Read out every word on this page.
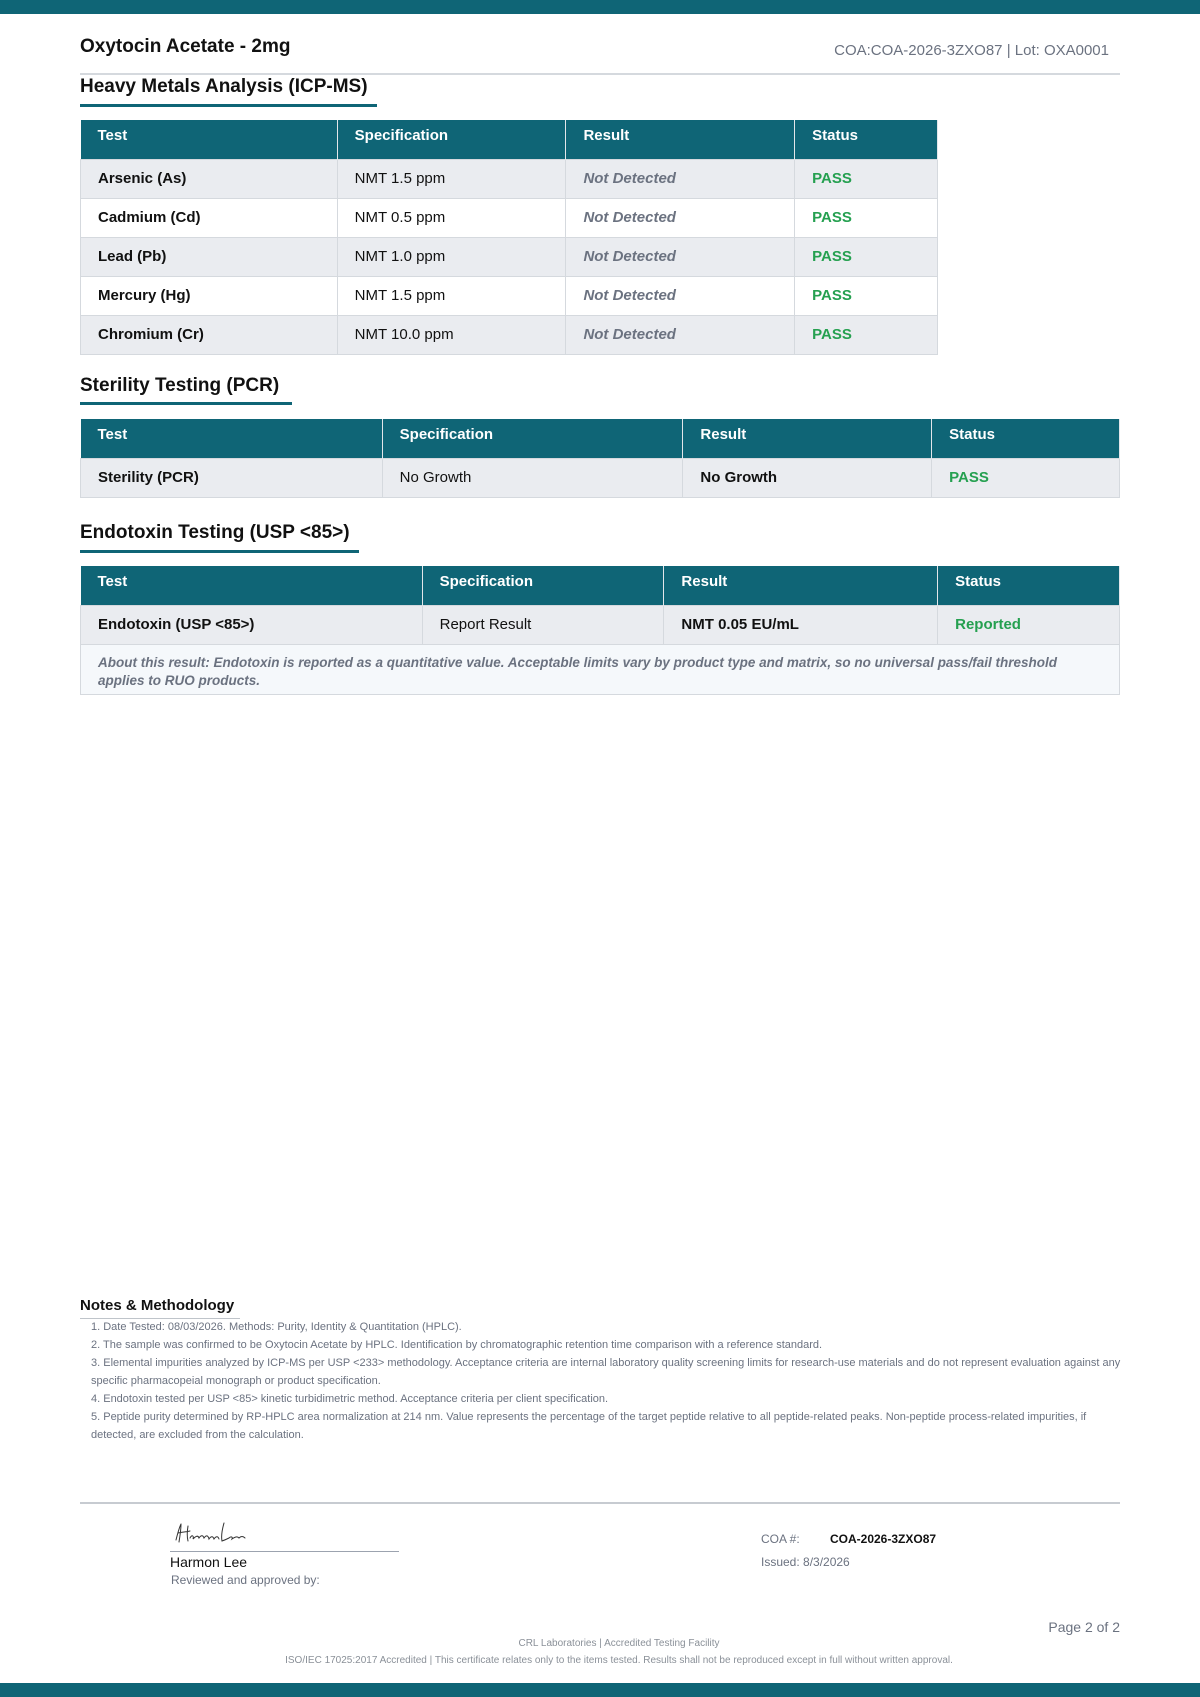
Oxytocin Acetate - 2mg	COA:COA-2026-3ZXO87 | Lot: OXA0001
Heavy Metals Analysis (ICP-MS)
Test	Specification	Result	Status
Arsenic (As)	NMT 1.5 ppm	Not Detected	PASS
Cadmium (Cd)	NMT 0.5 ppm	Not Detected	PASS
Lead (Pb)	NMT 1.0 ppm	Not Detected	PASS
Mercury (Hg)	NMT 1.5 ppm	Not Detected	PASS
Chromium (Cr)	NMT 10.0 ppm	Not Detected	PASS
Sterility Testing (PCR)
Test	Specification	Result	Status
Sterility (PCR)	No Growth	No Growth	PASS
Endotoxin Testing (USP <85>)
Test	Specification	Result	Status
Endotoxin (USP <85>)	Report Result	NMT 0.05 EU/mL	Reported
About this result: Endotoxin is reported as a quantitative value. Acceptable limits vary by product type and matrix, so no universal pass/fail threshold applies to RUO products.			
Notes & Methodology
1. Date Tested: 08/03/2026. Methods: Purity, Identity & Quantitation (HPLC).
2. The sample was confirmed to be Oxytocin Acetate by HPLC. Identification by chromatographic retention time comparison with a reference standard.
3. Elemental impurities analyzed by ICP-MS per USP <233> methodology. Acceptance criteria are internal laboratory quality screening limits for research-use materials and do not represent evaluation against any specific pharmacopeial monograph or product specification.
4. Endotoxin tested per USP <85> kinetic turbidimetric method. Acceptance criteria per client specification.
5. Peptide purity determined by RP-HPLC area normalization at 214 nm. Value represents the percentage of the target peptide relative to all peptide-related peaks. Non-peptide process-related impurities, if detected, are excluded from the calculation.
Harmon Lee
Reviewed and approved by:
COA #:	COA-2026-3ZXO87
Issued: 8/3/2026
Page 2 of 2
CRL Laboratories | Accredited Testing Facility
ISO/IEC 17025:2017 Accredited | This certificate relates only to the items tested. Results shall not be reproduced except in full without written approval.
